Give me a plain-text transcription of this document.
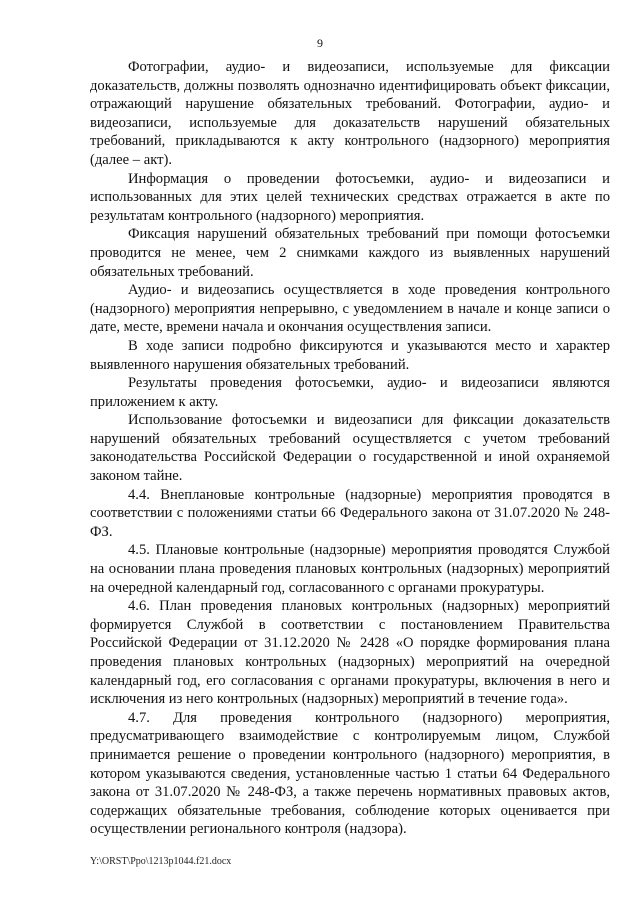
9

Фотографии, аудио- и видеозаписи, используемые для фиксации доказательств, должны позволять однозначно идентифицировать объект фиксации, отражающий нарушение обязательных требований. Фотографии, аудио- и видеозаписи, используемые для доказательств нарушений обязательных требований, прикладываются к акту контрольного (надзорного) мероприятия (далее – акт).

Информация о проведении фотосъемки, аудио- и видеозаписи и использованных для этих целей технических средствах отражается в акте по результатам контрольного (надзорного) мероприятия.

Фиксация нарушений обязательных требований при помощи фотосъемки проводится не менее, чем 2 снимками каждого из выявленных нарушений обязательных требований.

Аудио- и видеозапись осуществляется в ходе проведения контрольного (надзорного) мероприятия непрерывно, с уведомлением в начале и конце записи о дате, месте, времени начала и окончания осуществления записи.

В ходе записи подробно фиксируются и указываются место и характер выявленного нарушения обязательных требований.

Результаты проведения фотосъемки, аудио- и видеозаписи являются приложением к акту.

Использование фотосъемки и видеозаписи для фиксации доказательств нарушений обязательных требований осуществляется с учетом требований законодательства Российской Федерации о государственной и иной охраняемой законом тайне.

4.4. Внеплановые контрольные (надзорные) мероприятия проводятся в соответствии с положениями статьи 66 Федерального закона от 31.07.2020 № 248-ФЗ.

4.5. Плановые контрольные (надзорные) мероприятия проводятся Службой на основании плана проведения плановых контрольных (надзорных) мероприятий на очередной календарный год, согласованного с органами прокуратуры.

4.6. План проведения плановых контрольных (надзорных) мероприятий формируется Службой в соответствии с постановлением Правительства Российской Федерации от 31.12.2020 № 2428 «О порядке формирования плана проведения плановых контрольных (надзорных) мероприятий на очередной календарный год, его согласования с органами прокуратуры, включения в него и исключения из него контрольных (надзорных) мероприятий в течение года».

4.7. Для проведения контрольного (надзорного) мероприятия, предусматривающего взаимодействие с контролируемым лицом, Службой принимается решение о проведении контрольного (надзорного) мероприятия, в котором указываются сведения, установленные частью 1 статьи 64 Федерального закона от 31.07.2020 № 248-ФЗ, а также перечень нормативных правовых актов, содержащих обязательные требования, соблюдение которых оценивается при осуществлении регионального контроля (надзора).

Y:\ORST\Ppo\1213p1044.f21.docx
